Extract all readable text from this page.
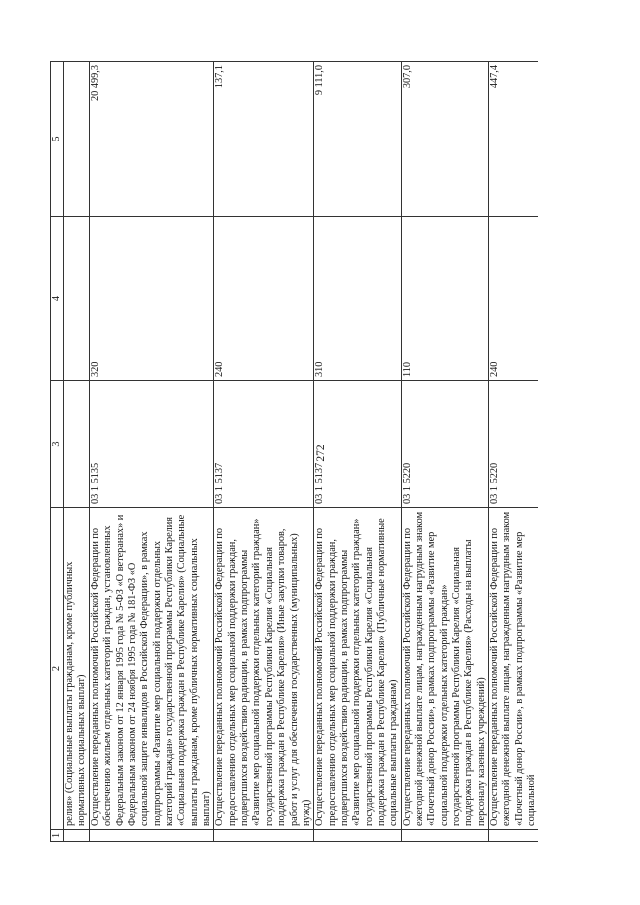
272
1	2	3	4	5
	релия» (Социальные выплаты гражданам, кроме публичных нормативных социальных выплат)			
	Осуществление переданных полномочий Российской Федерации по обеспечению жильем отдельных категорий граждан, установленных Федеральным законом от 12 января 1995 года № 5-ФЗ «О ветеранах» и Федеральным законом от 24 ноября 1995 года № 181-ФЗ «О социальной защите инвалидов в Российской Федерации», в рамках подпрограммы «Развитие мер социальной поддержки отдельных категорий граждан» государственной программы Республики Карелия «Социальная поддержка граждан в Республике Карелия» (Социальные выплаты гражданам, кроме публичных нормативных социальных выплат)	03 1 5135	320	20 499,3
	Осуществление переданных полномочий Российской Федерации по предоставлению отдельных мер социальной поддержки граждан, подвергшихся воздействию радиации, в рамках подпрограммы «Развитие мер социальной поддержки отдельных категорий граждан» государственной программы Республики Карелия «Социальная поддержка граждан в Республике Карелия» (Иные закупки товаров, работ и услуг для обеспечения государственных (муниципальных) нужд)	03 1 5137	240	137,1
	Осуществление переданных полномочий Российской Федерации по предоставлению отдельных мер социальной поддержки граждан, подвергшихся воздействию радиации, в рамках подпрограммы «Развитие мер социальной поддержки отдельных категорий граждан» государственной программы Республики Карелия «Социальная поддержка граждан в Республике Карелия» (Публичные нормативные социальные выплаты гражданам)	03 1 5137	310	9 111,0
	Осуществление переданных полномочий Российской Федерации по ежегодной денежной выплате лицам, награжденным нагрудным знаком «Почетный донор России», в рамках подпрограммы «Развитие мер социальной поддержки отдельных категорий граждан» государственной программы Республики Карелия «Социальная поддержка граждан в Республике Карелия» (Расходы на выплаты персоналу казенных учреждений)	03 1 5220	110	307,0
	Осуществление переданных полномочий Российской Федерации по ежегодной денежной выплате лицам, награжденным нагрудным знаком «Почетный донор России», в рамках подпрограммы «Развитие мер социальной	03 1 5220	240	447,4
